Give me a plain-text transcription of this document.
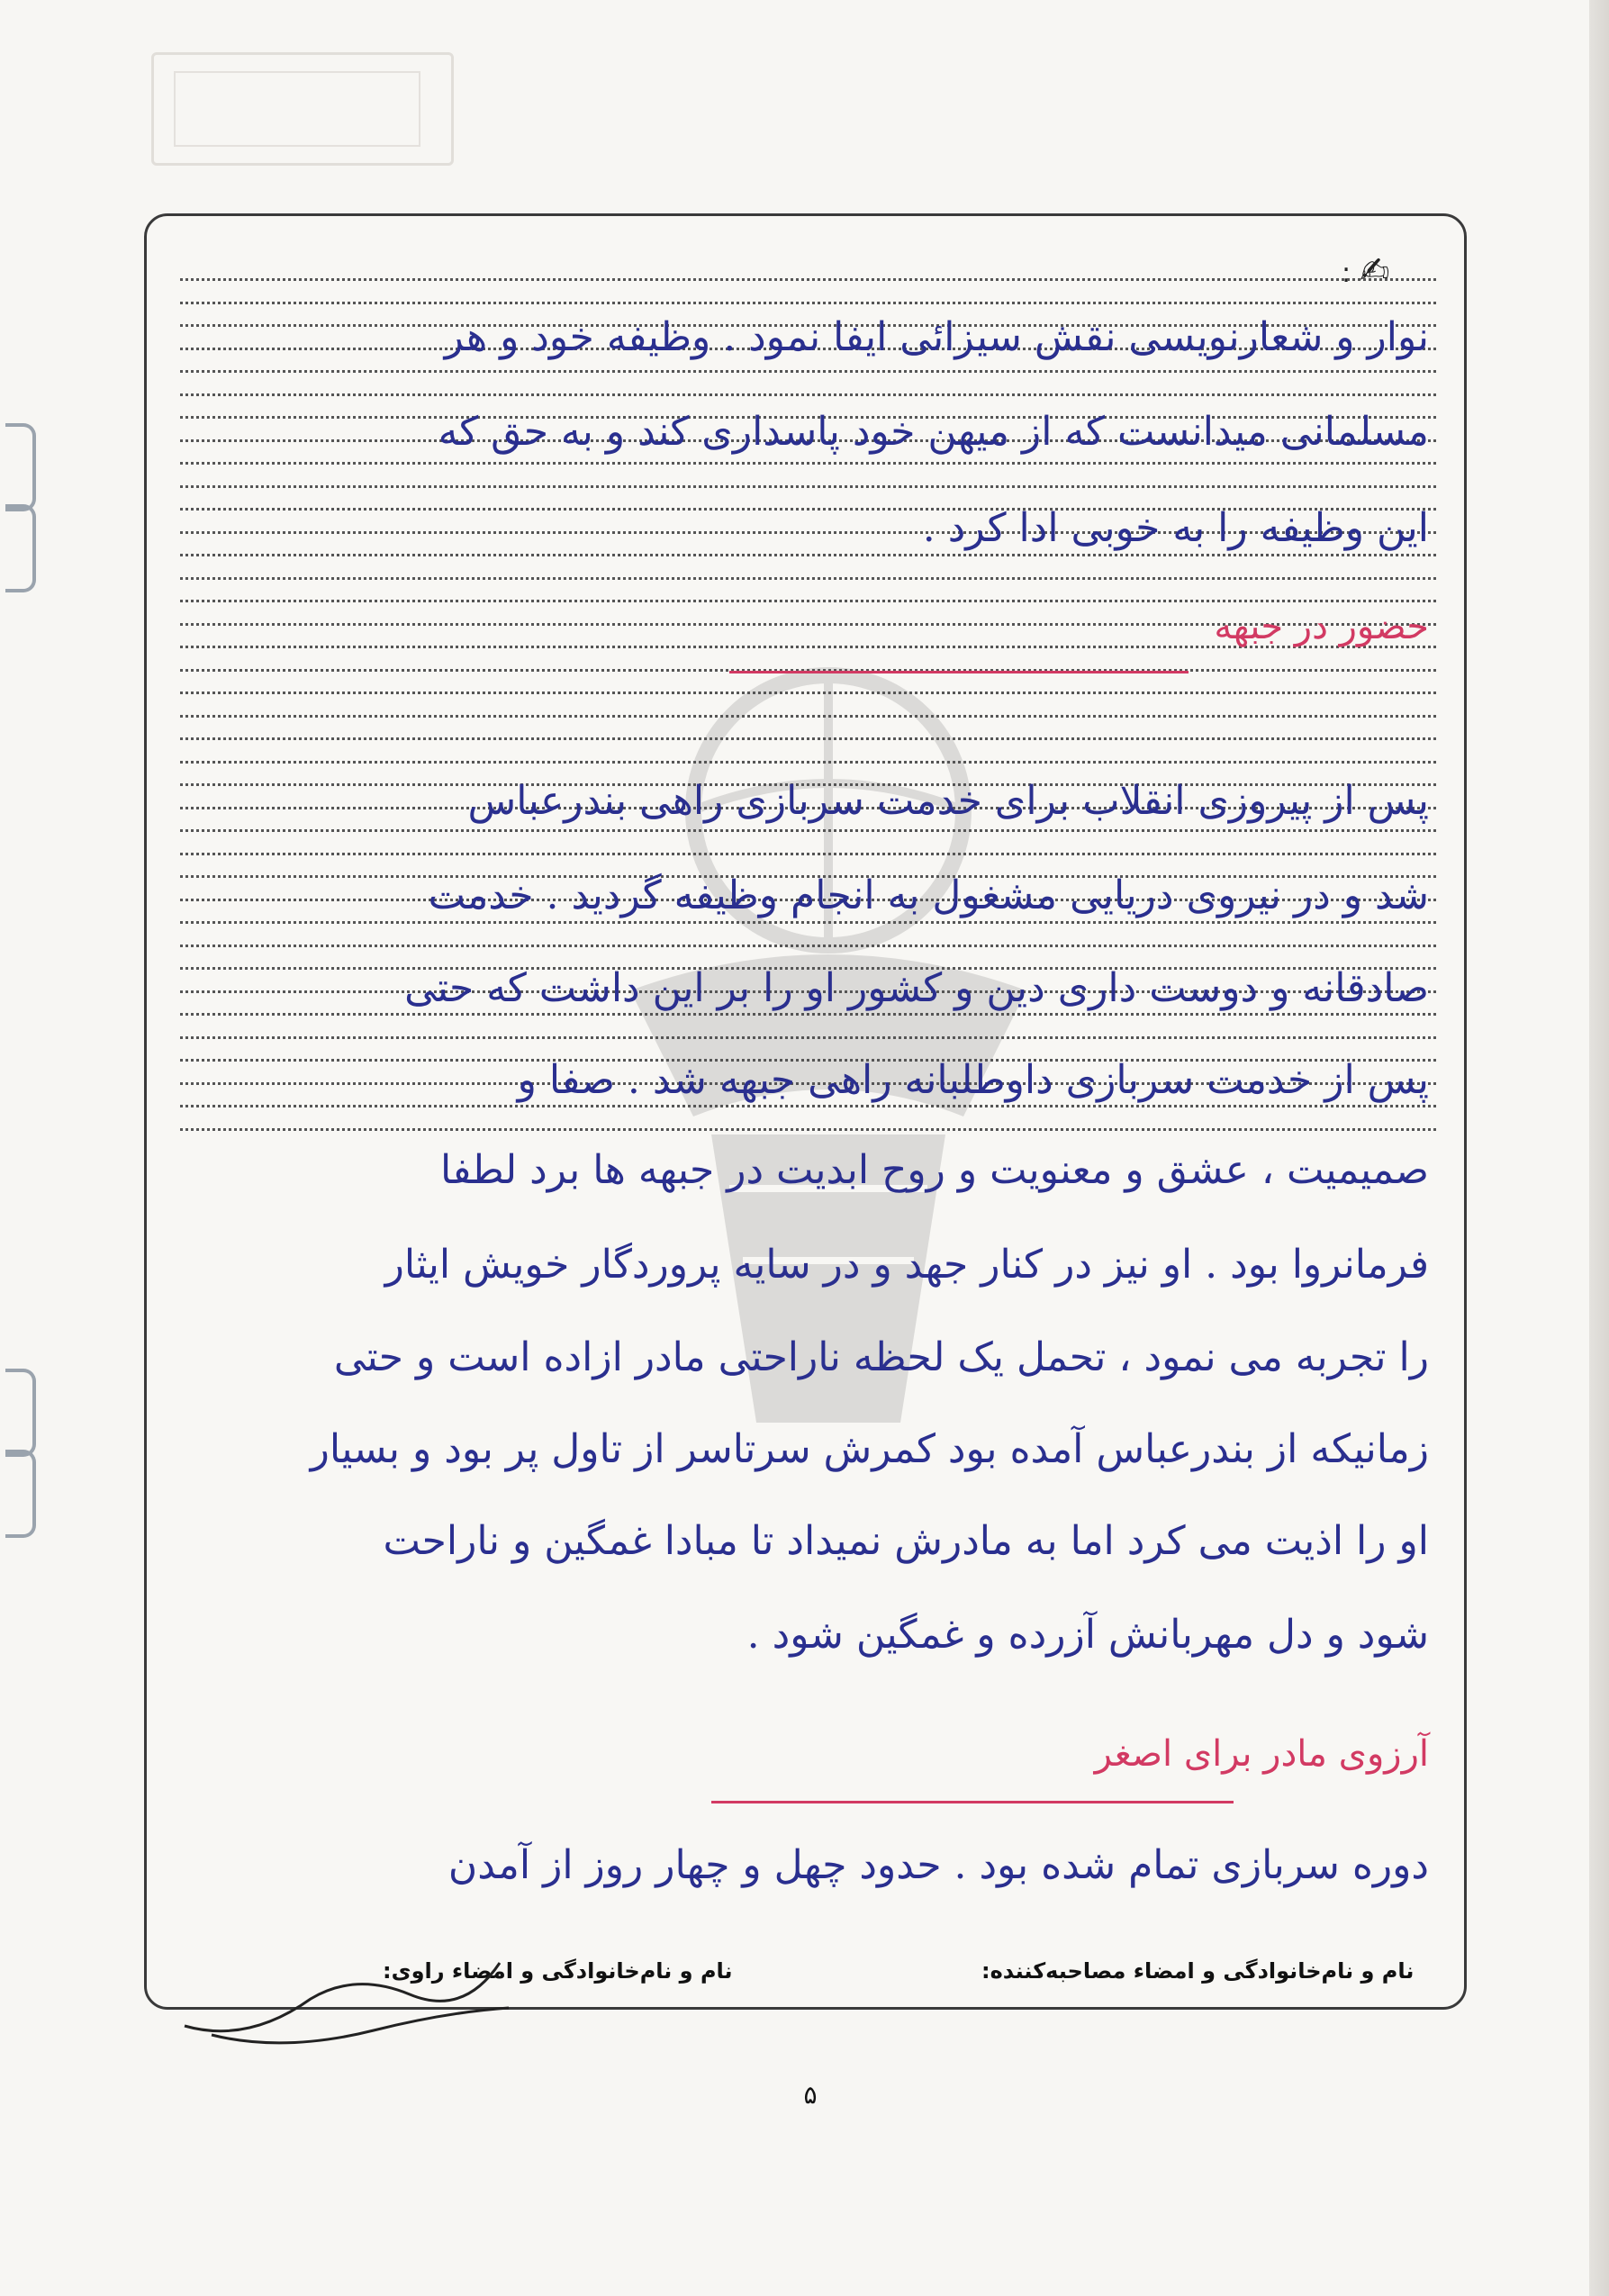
✍
:
نوار و شعارنویسی نقش سیزائی ایفا نمود . وظیفه خود و هر
مسلمانی میدانست که از میهن خود پاسداری کند و به حق که
این وظیفه را به خوبی ادا کرد .
پس از پیروزی انقلاب برای خدمت سربازی راهی بندرعباس
شد و در نیروی دریایی مشغول به انجام وظیفه گردید . خدمت
صادقانه و دوست داری دین و کشور او را بر این داشت که حتی
پس از خدمت سربازی داوطلبانه راهی جبهه شد . صفا و
صمیمیت ، عشق و معنویت و روح ابدیت در جبهه ها برد لطفا
فرمانروا بود . او نیز در کنار جهد و در سایه پروردگار خویش ایثار
را تجربه می نمود ، تحمل یک لحظه ناراحتی مادر ازاده است و حتی
زمانیکه از بندرعباس آمده بود کمرش سرتاسر از تاول پر بود و بسیار
او را اذیت می کرد اما به مادرش نمیداد تا مبادا غمگین و ناراحت
شود و دل مهربانش آزرده و غمگین شود .
دوره سربازی تمام شده بود . حدود چهل و چهار روز از آمدن
حضور در جبهه
آرزوی مادر برای اصغر
نام و نام‌خانوادگی و امضاء مصاحبه‌کننده:
نام و نام‌خانوادگی و امضاء راوی:
۵
